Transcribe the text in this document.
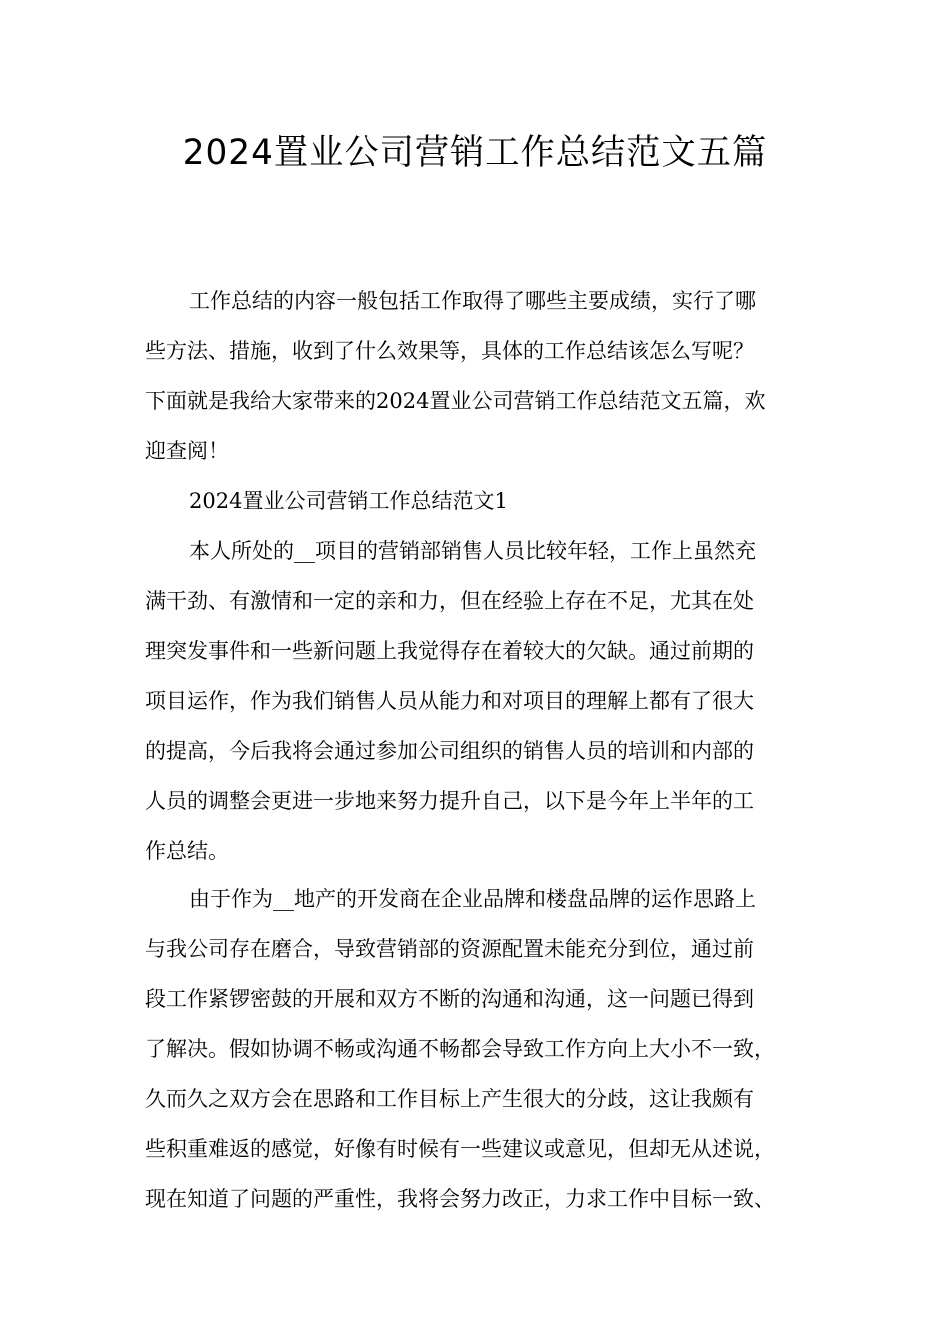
2024置业公司营销工作总结范文五篇

工作总结的内容一般包括工作取得了哪些主要成绩，实行了哪

些方法、措施，收到了什么效果等，具体的工作总结该怎么写呢？

下面就是我给大家带来的2024置业公司营销工作总结范文五篇，欢

迎查阅！

2024置业公司营销工作总结范文1

本人所处的__项目的营销部销售人员比较年轻，工作上虽然充

满干劲、有激情和一定的亲和力，但在经验上存在不足，尤其在处

理突发事件和一些新问题上我觉得存在着较大的欠缺。通过前期的

项目运作，作为我们销售人员从能力和对项目的理解上都有了很大

的提高，今后我将会通过参加公司组织的销售人员的培训和内部的

人员的调整会更进一步地来努力提升自己，以下是今年上半年的工

作总结。

由于作为__地产的开发商在企业品牌和楼盘品牌的运作思路上

与我公司存在磨合，导致营销部的资源配置未能充分到位，通过前

段工作紧锣密鼓的开展和双方不断的沟通和沟通，这一问题已得到

了解决。假如协调不畅或沟通不畅都会导致工作方向上大小不一致，

久而久之双方会在思路和工作目标上产生很大的分歧，这让我颇有

些积重难返的感觉，好像有时候有一些建议或意见，但却无从述说，

现在知道了问题的严重性，我将会努力改正，力求工作中目标一致、
